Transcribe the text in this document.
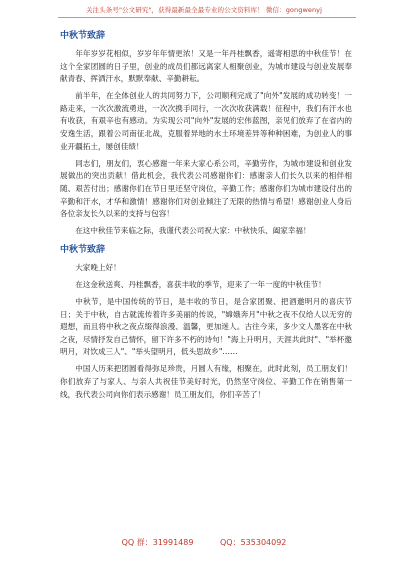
关注头条号"公文研究"，获得最新最全最专业的公文资料库！ 微信：gongwenyj
中秋节致辞

年年岁岁花相似，岁岁年年情更浓！又是一年丹桂飘香，遥寄相思的中秋佳节！在这个全家团圆的日子里，创业的成员们都远离家人相聚创业，为城市建设与创业发展奉献青春、挥洒汗水，默默奉献、辛勤耕耘。

前半年，在全体创业人的共同努力下，公司顺利完成了"向外"发展的成功转变！一路走来，一次次激流勇进，一次次携手同行，一次次收获满载！征程中，我们有汗水也有收获，有艰辛也有感动。为实现公司"向外"发展的宏伟蓝图，亲见们放弃了在省内的安逸生活，跟着公司南征北战，克服着异地的水土环境差异等种种困难，为创业人的事业开疆拓土，屡创佳绩！

同志们，朋友们，衷心感谢一年来大家心系公司，辛勤劳作，为城市建设和创业发展做出的突出贡献！借此机会，我代表公司感谢你们：感谢亲人们长久以来的相伴相随、艰苦付出；感谢你们在节日里还坚守岗位，辛勤工作；感谢你们为城市建设付出的辛勤和汗水，才华和激情！感谢你们对创业倾注了无限的热情与希望！感谢创业人身后各位亲友长久以来的支持与包容！

在这中秋佳节来临之际，我谨代表公司祝大家：中秋快乐、阖家幸福！

中秋节致辞

大家晚上好！

在这金秋送爽、丹桂飘香，喜获丰收的季节，迎来了一年一度的中秋佳节！

中秋节，是中国传统的节日，是丰收的节日，是合家团聚、把酒邀明月的喜庆节日；关于中秋，自古就流传着许多美丽的传说，"嫦娥奔月"中秋之夜不仅给人以无穷的遐想，而且将中秋之夜点缀得浪漫、温馨，更加迷人。古往今来，多少文人墨客在中秋之夜，尽情抒发自己情怀，留下许多不朽的诗句！"海上升明月，天涯共此时"、"举杯邀明月，对饮成三人"、"举头望明月，低头思故乡"……

中国人历来把团圆看得弥足珍贵，月圆人有缘，相聚在，此时此刻，员工朋友们！你们放弃了与家人、与亲人共祝佳节美好时光，仍然坚守岗位、辛勤工作在销售第一线，我代表公司向你们表示感谢！员工朋友们，你们辛苦了！

QQ 群：31991489	QQ：535304092
